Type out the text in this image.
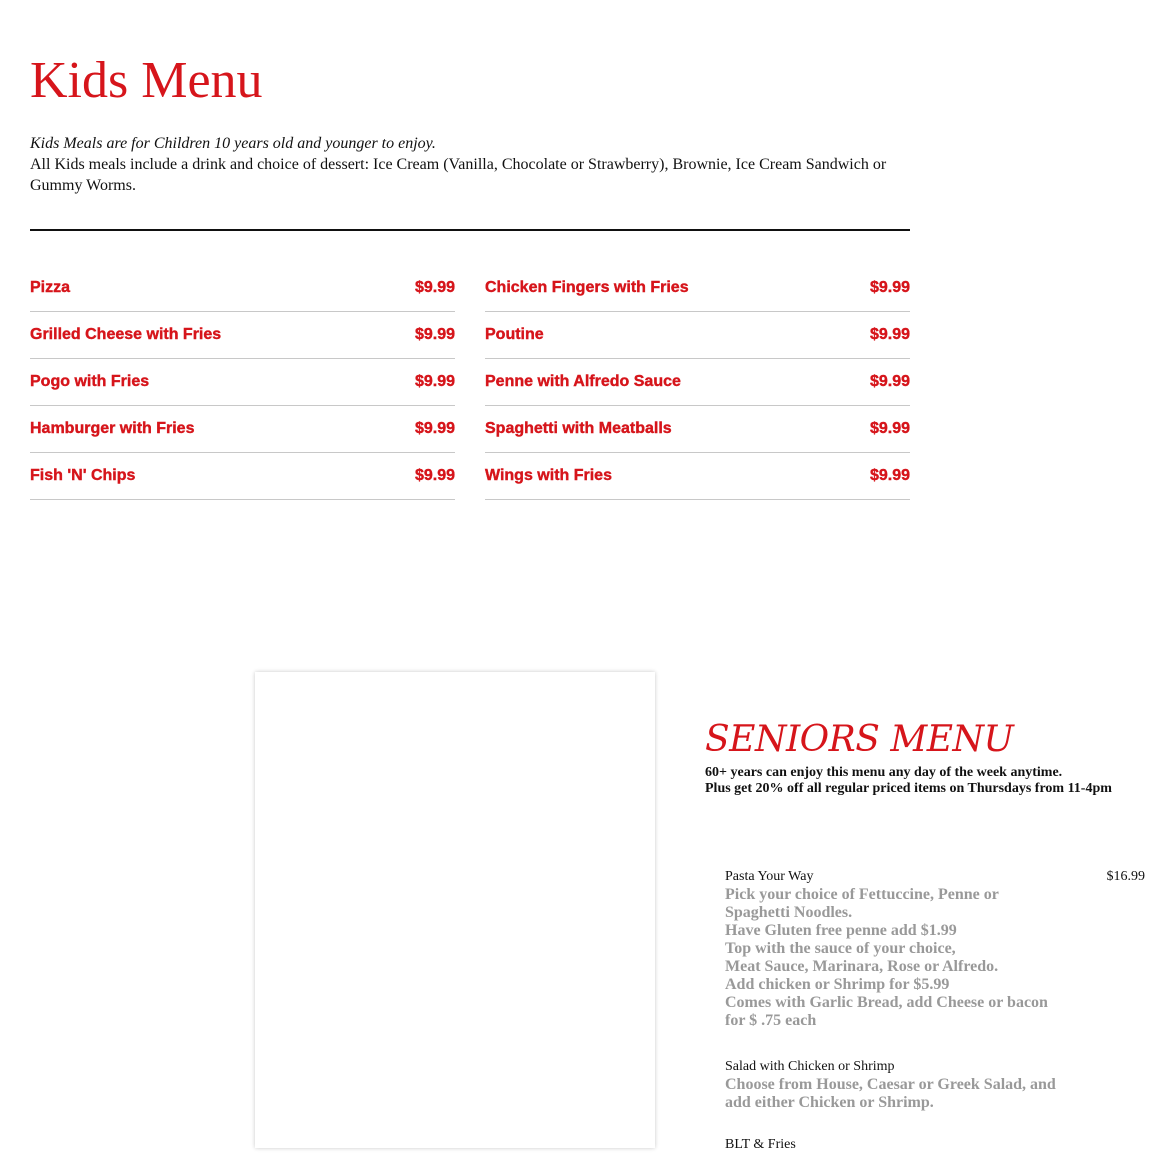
Kids Menu
Kids Meals are for Children 10 years old and younger to enjoy.
All Kids meals include a drink and choice of dessert: Ice Cream (Vanilla, Chocolate or Strawberry), Brownie, Ice Cream Sandwich or Gummy Worms.
Pizza	$9.99
Grilled Cheese with Fries	$9.99
Pogo with Fries	$9.99
Hamburger with Fries	$9.99
Fish 'N' Chips	$9.99
Chicken Fingers with Fries	$9.99
Poutine	$9.99
Penne with Alfredo Sauce	$9.99
Spaghetti with Meatballs	$9.99
Wings with Fries	$9.99
SENIORS MENU
60+ years can enjoy this menu any day of the week anytime.
Plus get 20% off all regular priced items on Thursdays from 11-4pm
Pasta Your Way	$16.99
Pick your choice of Fettuccine, Penne or Spaghetti Noodles.
Have Gluten free penne add $1.99
Top with the sauce of your choice,
Meat Sauce, Marinara, Rose or Alfredo.
Add chicken or Shrimp for $5.99
Comes with Garlic Bread, add Cheese or bacon for $ .75 each
Salad with Chicken or Shrimp
Choose from House, Caesar or Greek Salad, and add either Chicken or Shrimp.
BLT & Fries
